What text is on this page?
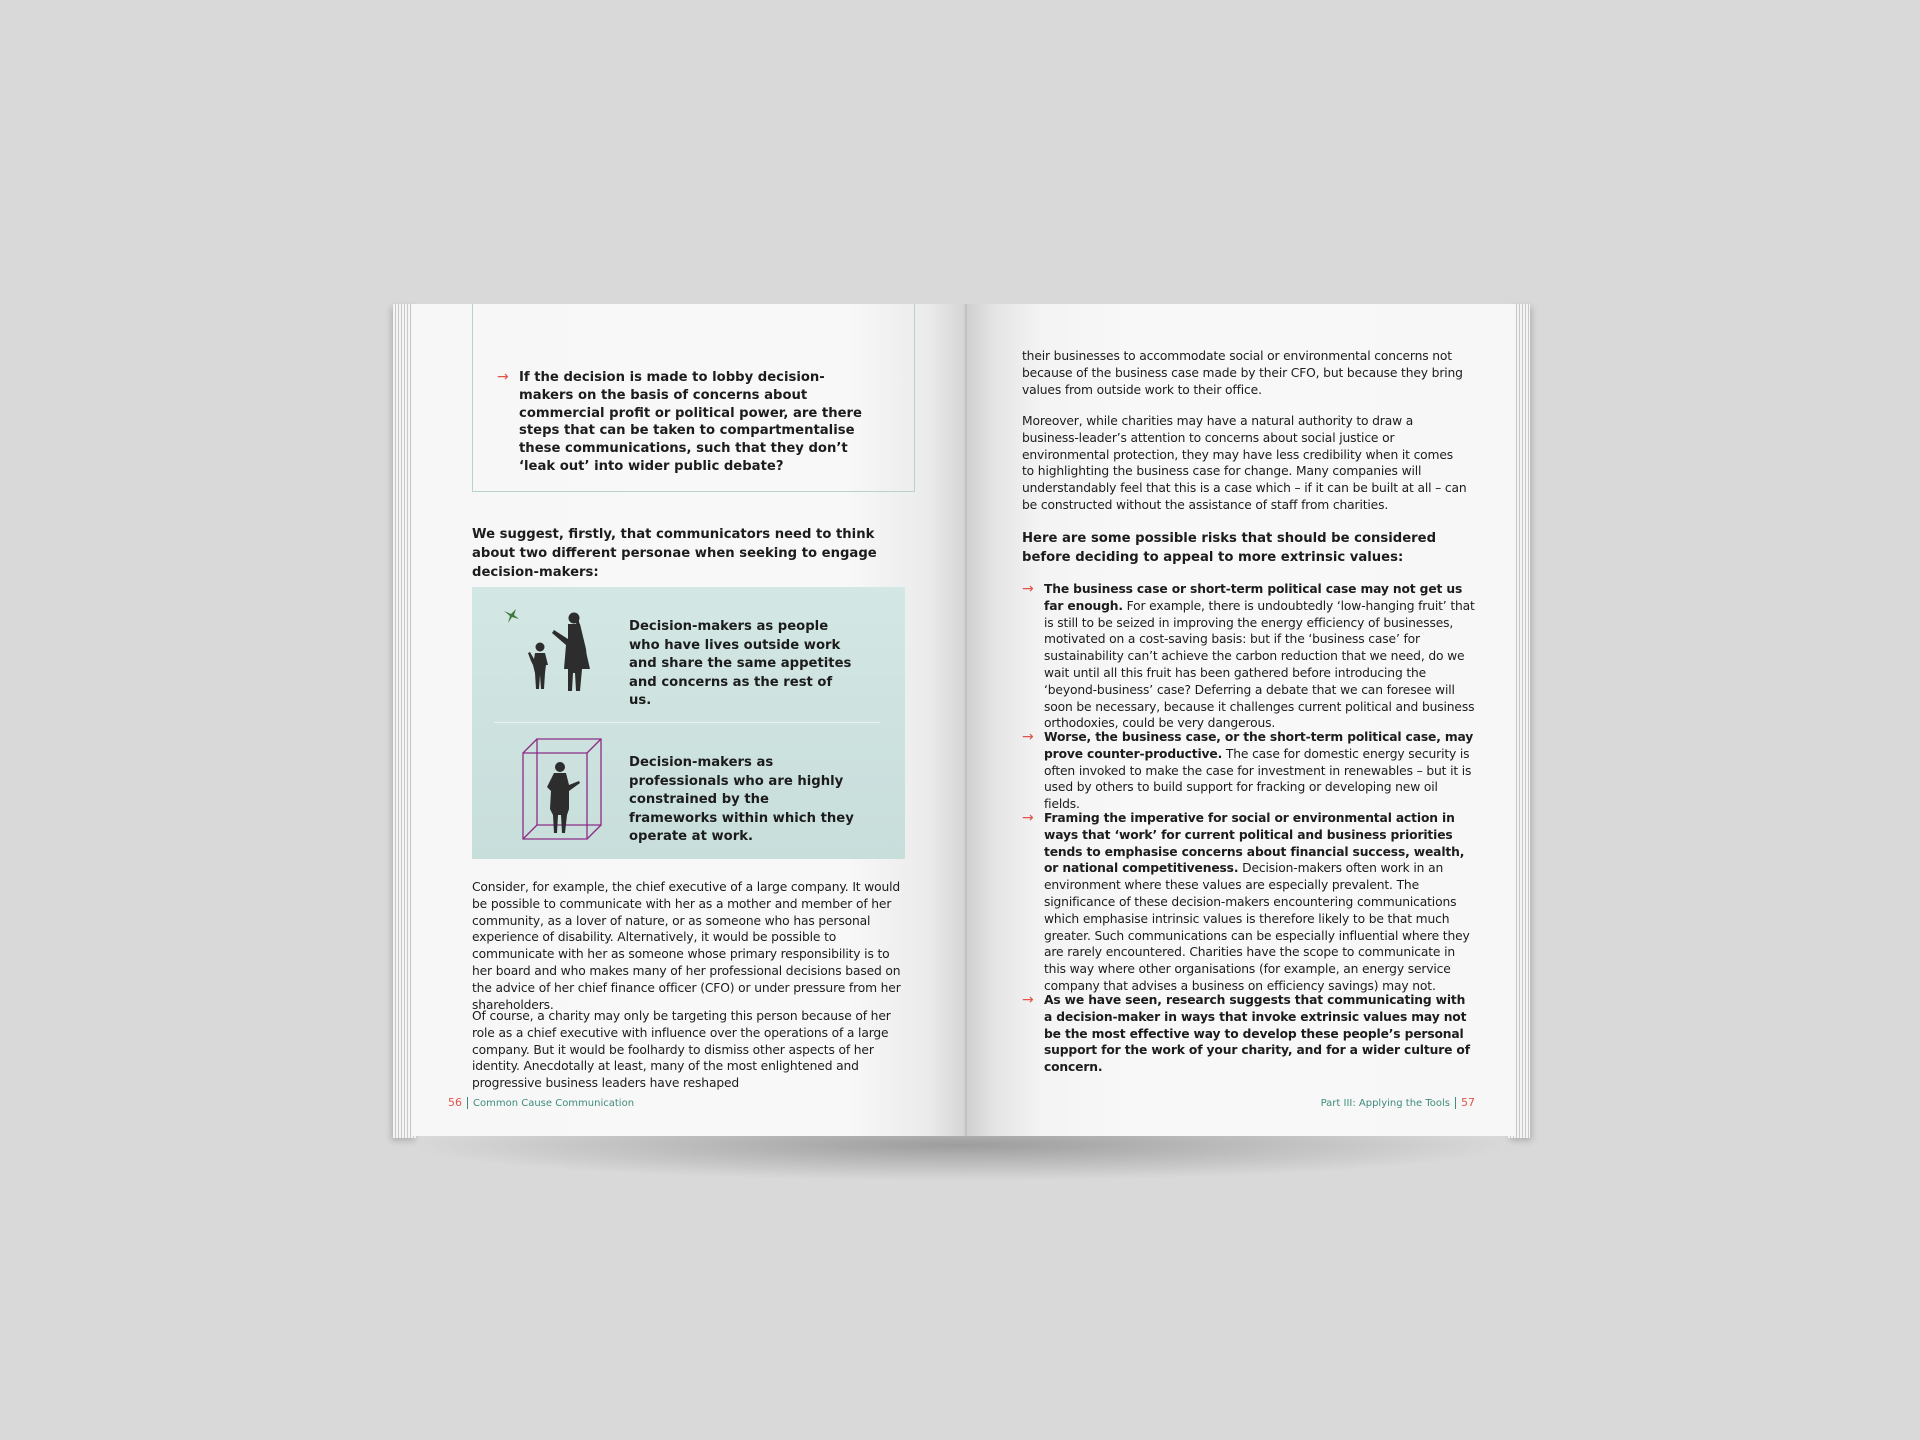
→ If the decision is made to lobby decision-makers on the basis of concerns about commercial profit or political power, are there steps that can be taken to compartmentalise these communications, such that they don’t ‘leak out’ into wider public debate?

We suggest, firstly, that communicators need to think about two different personae when seeking to engage decision-makers:

Decision-makers as people who have lives outside work and share the same appetites and concerns as the rest of us.
Decision-makers as professionals who are highly constrained by the frameworks within which they operate at work.

Consider, for example, the chief executive of a large company. It would be possible to communicate with her as a mother and member of her community, as a lover of nature, or as someone who has personal experience of disability. Alternatively, it would be possible to communicate with her as someone whose primary responsibility is to her board and who makes many of her professional decisions based on the advice of her chief finance officer (CFO) or under pressure from her shareholders.

Of course, a charity may only be targeting this person because of her role as a chief executive with influence over the operations of a large company. But it would be foolhardy to dismiss other aspects of her identity. Anecdotally at least, many of the most enlightened and progressive business leaders have reshaped

56 Common Cause Communication

their businesses to accommodate social or environmental concerns not because of the business case made by their CFO, but because they bring values from outside work to their office.

Moreover, while charities may have a natural authority to draw a business-leader’s attention to concerns about social justice or environmental protection, they may have less credibility when it comes to highlighting the business case for change. Many companies will understandably feel that this is a case which – if it can be built at all – can be constructed without the assistance of staff from charities.

Here are some possible risks that should be considered before deciding to appeal to more extrinsic values:

→ The business case or short-term political case may not get us far enough. For example, there is undoubtedly ‘low-hanging fruit’ that is still to be seized in improving the energy efficiency of businesses, motivated on a cost-saving basis: but if the ‘business case’ for sustainability can’t achieve the carbon reduction that we need, do we wait until all this fruit has been gathered before introducing the ‘beyond-business’ case? Deferring a debate that we can foresee will soon be necessary, because it challenges current political and business orthodoxies, could be very dangerous.
→ Worse, the business case, or the short-term political case, may prove counter-productive. The case for domestic energy security is often invoked to make the case for investment in renewables – but it is used by others to build support for fracking or developing new oil fields.
→ Framing the imperative for social or environmental action in ways that ‘work’ for current political and business priorities tends to emphasise concerns about financial success, wealth, or national competitiveness. Decision-makers often work in an environment where these values are especially prevalent. The significance of these decision-makers encountering communications which emphasise intrinsic values is therefore likely to be that much greater. Such communications can be especially influential where they are rarely encountered. Charities have the scope to communicate in this way where other organisations (for example, an energy service company that advises a business on efficiency savings) may not.
→ As we have seen, research suggests that communicating with a decision-maker in ways that invoke extrinsic values may not be the most effective way to develop these people’s personal support for the work of your charity, and for a wider culture of concern.
Part III: Applying the Tools 57
